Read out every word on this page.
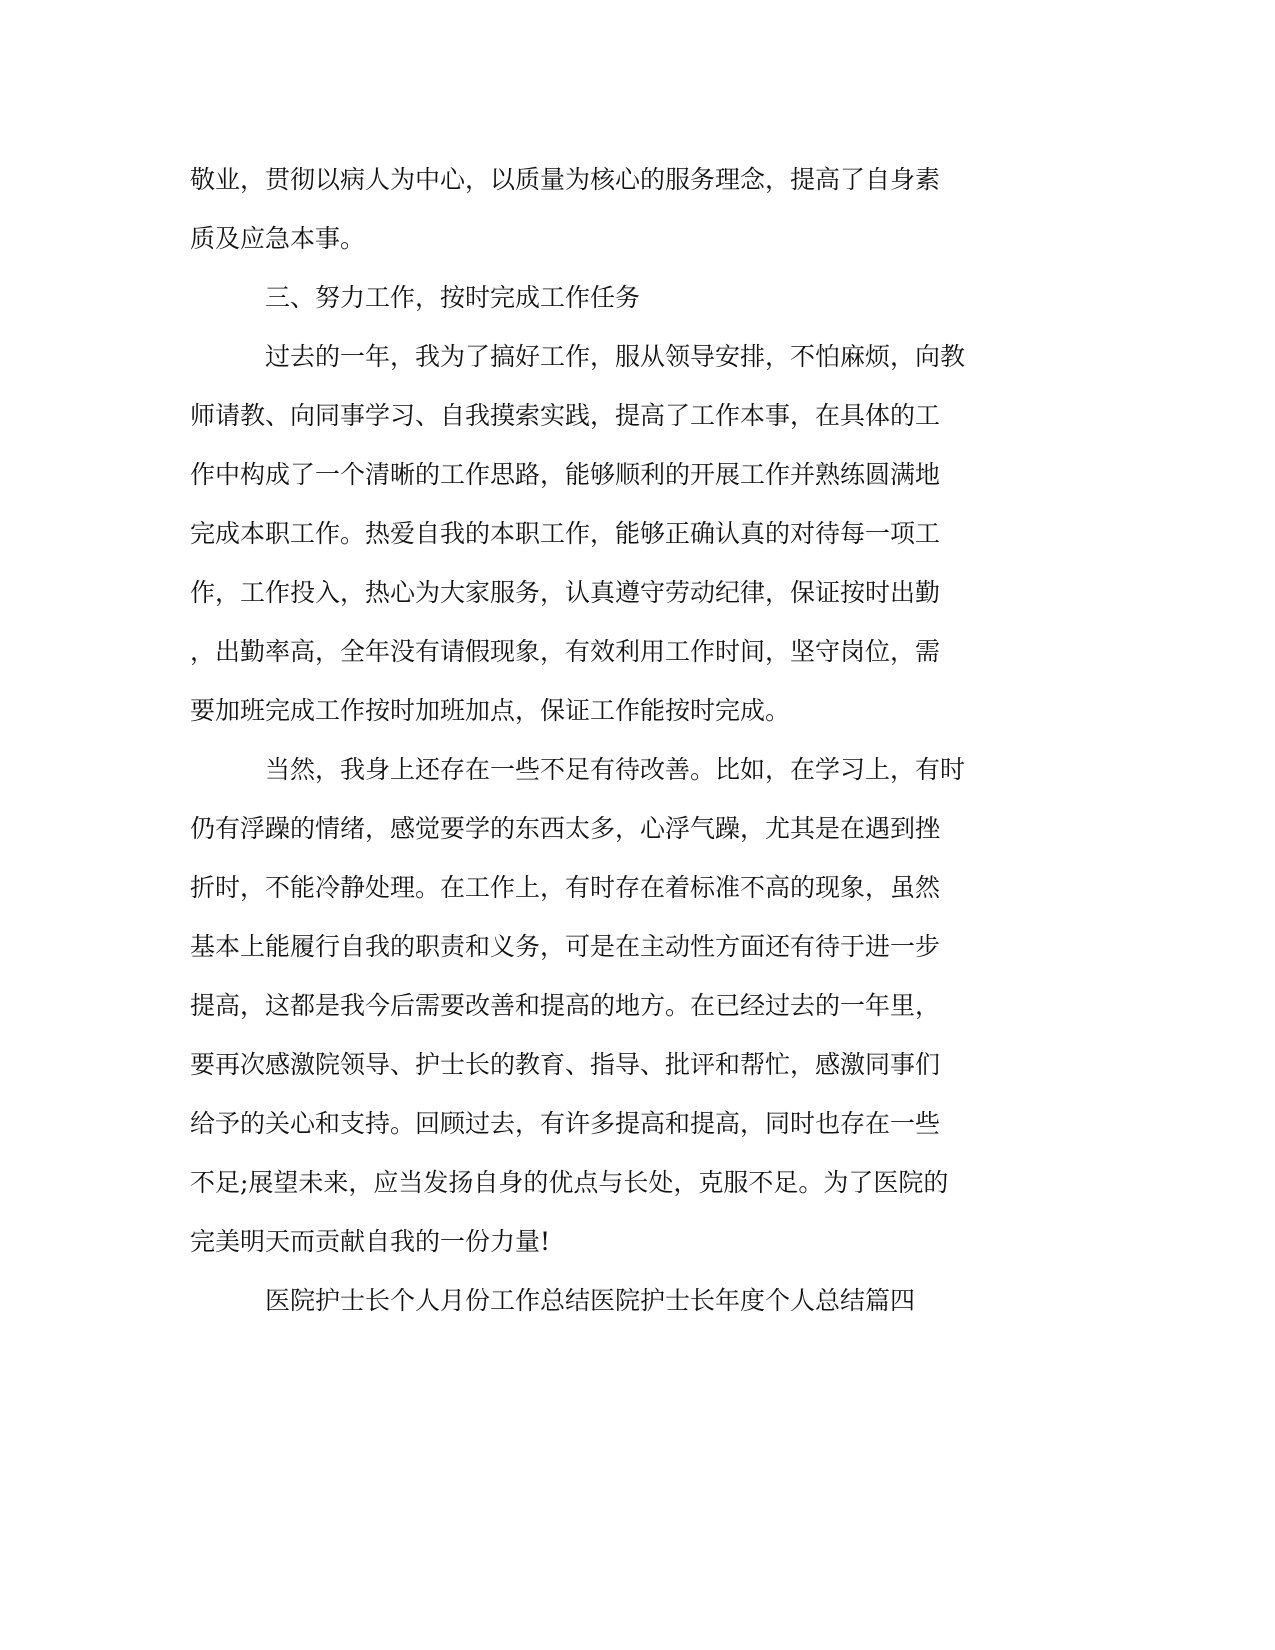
敬业，贯彻以病人为中心，以质量为核心的服务理念，提高了自身素

质及应急本事。

三、努力工作，按时完成工作任务

过去的一年，我为了搞好工作，服从领导安排，不怕麻烦，向教

师请教、向同事学习、自我摸索实践，提高了工作本事，在具体的工

作中构成了一个清晰的工作思路，能够顺利的开展工作并熟练圆满地

完成本职工作。热爱自我的本职工作，能够正确认真的对待每一项工

作，工作投入，热心为大家服务，认真遵守劳动纪律，保证按时出勤

，出勤率高，全年没有请假现象，有效利用工作时间，坚守岗位，需

要加班完成工作按时加班加点，保证工作能按时完成。

当然，我身上还存在一些不足有待改善。比如，在学习上，有时

仍有浮躁的情绪，感觉要学的东西太多，心浮气躁，尤其是在遇到挫

折时，不能冷静处理。在工作上，有时存在着标准不高的现象，虽然

基本上能履行自我的职责和义务，可是在主动性方面还有待于进一步

提高，这都是我今后需要改善和提高的地方。在已经过去的一年里，

要再次感激院领导、护士长的教育、指导、批评和帮忙，感激同事们

给予的关心和支持。回顾过去，有许多提高和提高，同时也存在一些

不足;展望未来，应当发扬自身的优点与长处，克服不足。为了医院的

完美明天而贡献自我的一份力量!

医院护士长个人月份工作总结医院护士长年度个人总结篇四
